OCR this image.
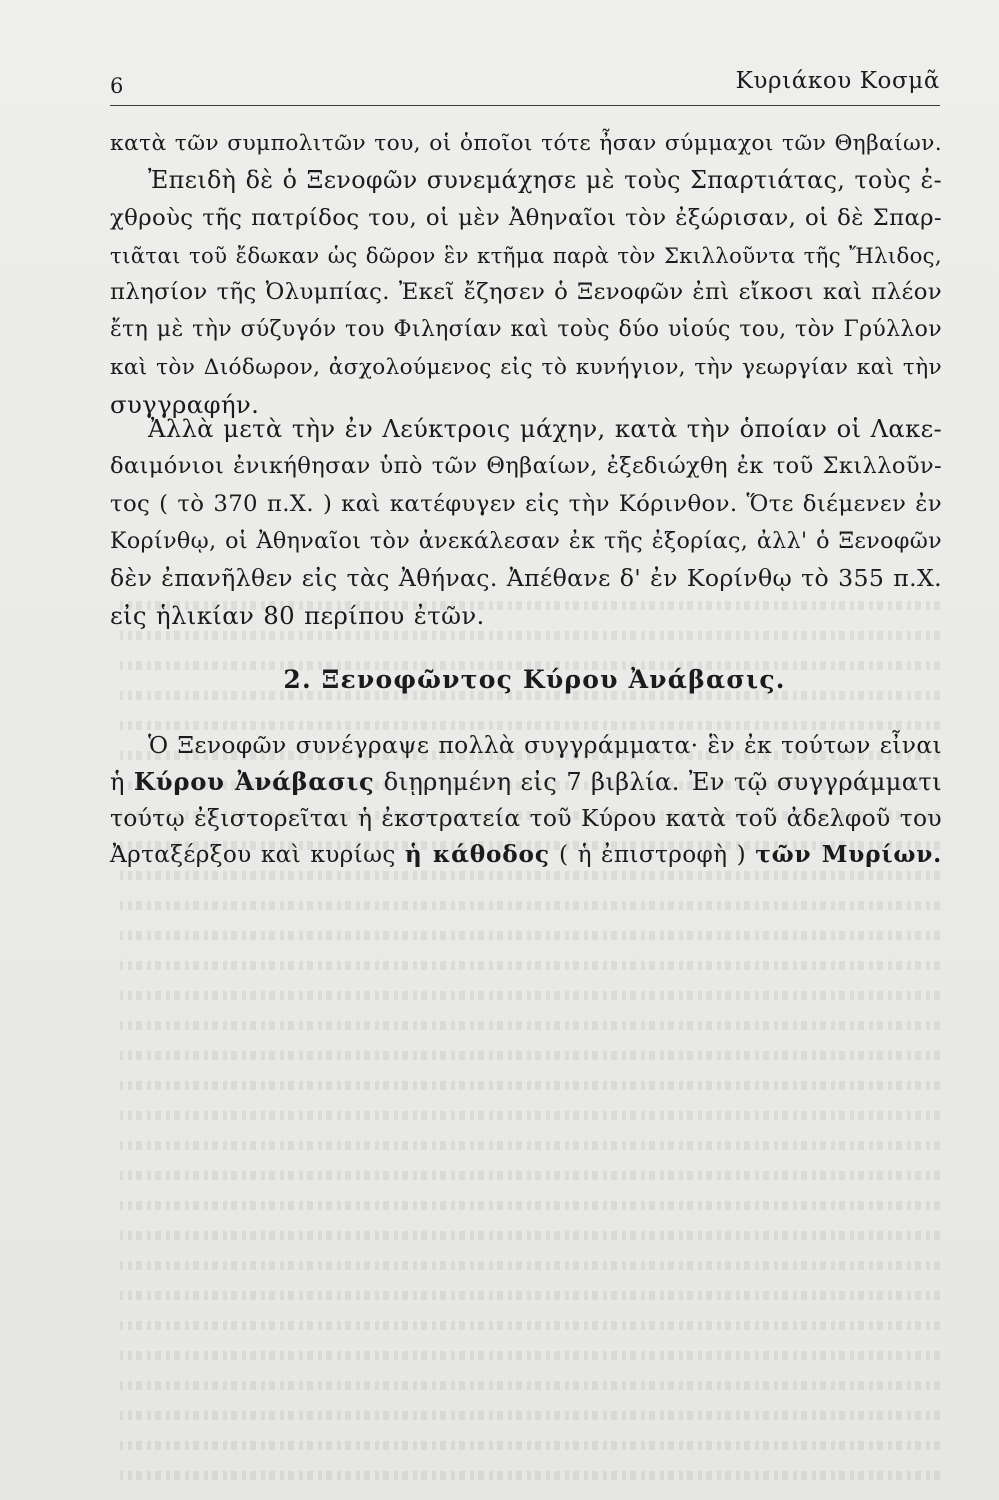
6	Κυριάκου Κοσμᾶ
κατὰ τῶν συμπολιτῶν του, οἱ ὁποῖοι τότε ἦσαν σύμμαχοι τῶν Θηβαίων.
Ἐπειδὴ δὲ ὁ Ξενοφῶν συνεμάχησε μὲ τοὺς Σπαρτιάτας, τοὺς ἐ-
χθροὺς τῆς πατρίδος του, οἱ μὲν Ἀθηναῖοι τὸν ἐξώρισαν, οἱ δὲ Σπαρ-
τιᾶται τοῦ ἔδωκαν ὡς δῶρον ἓν κτῆμα παρὰ τὸν Σκιλλοῦντα τῆς Ἤλιδος,
πλησίον τῆς Ὀλυμπίας. Ἐκεῖ ἔζησεν ὁ Ξενοφῶν ἐπὶ εἴκοσι καὶ πλέον
ἔτη μὲ τὴν σύζυγόν του Φιλησίαν καὶ τοὺς δύο υἱούς του, τὸν Γρύλλον
καὶ τὸν Διόδωρον, ἀσχολούμενος εἰς τὸ κυνήγιον, τὴν γεωργίαν καὶ τὴν
συγγραφήν.
Ἀλλὰ μετὰ τὴν ἐν Λεύκτροις μάχην, κατὰ τὴν ὁποίαν οἱ Λακε-
δαιμόνιοι ἐνικήθησαν ὑπὸ τῶν Θηβαίων, ἐξεδιώχθη ἐκ τοῦ Σκιλλοῦν-
τος ( τὸ 370 π.Χ. ) καὶ κατέφυγεν εἰς τὴν Κόρινθον. Ὅτε διέμενεν ἐν
Κορίνθῳ, οἱ Ἀθηναῖοι τὸν ἀνεκάλεσαν ἐκ τῆς ἐξορίας, ἀλλ' ὁ Ξενοφῶν
δὲν ἐπανῆλθεν εἰς τὰς Ἀθήνας. Ἀπέθανε δ' ἐν Κορίνθῳ τὸ 355 π.Χ.
εἰς ἡλικίαν 80 περίπου ἐτῶν.
2. Ξενοφῶντος Κύρου Ἀνάβασις.
Ὁ Ξενοφῶν συνέγραψε πολλὰ συγγράμματα· ἓν ἐκ τούτων εἶναι
ἡ Κύρου Ἀνάβασις διῃρημένη εἰς 7 βιβλία. Ἐν τῷ συγγράμματι
τούτῳ ἐξιστορεῖται ἡ ἐκστρατεία τοῦ Κύρου κατὰ τοῦ ἀδελφοῦ του
Ἀρταξέρξου καὶ κυρίως ἡ κάθοδος ( ἡ ἐπιστροφὴ ) τῶν Μυρίων.
